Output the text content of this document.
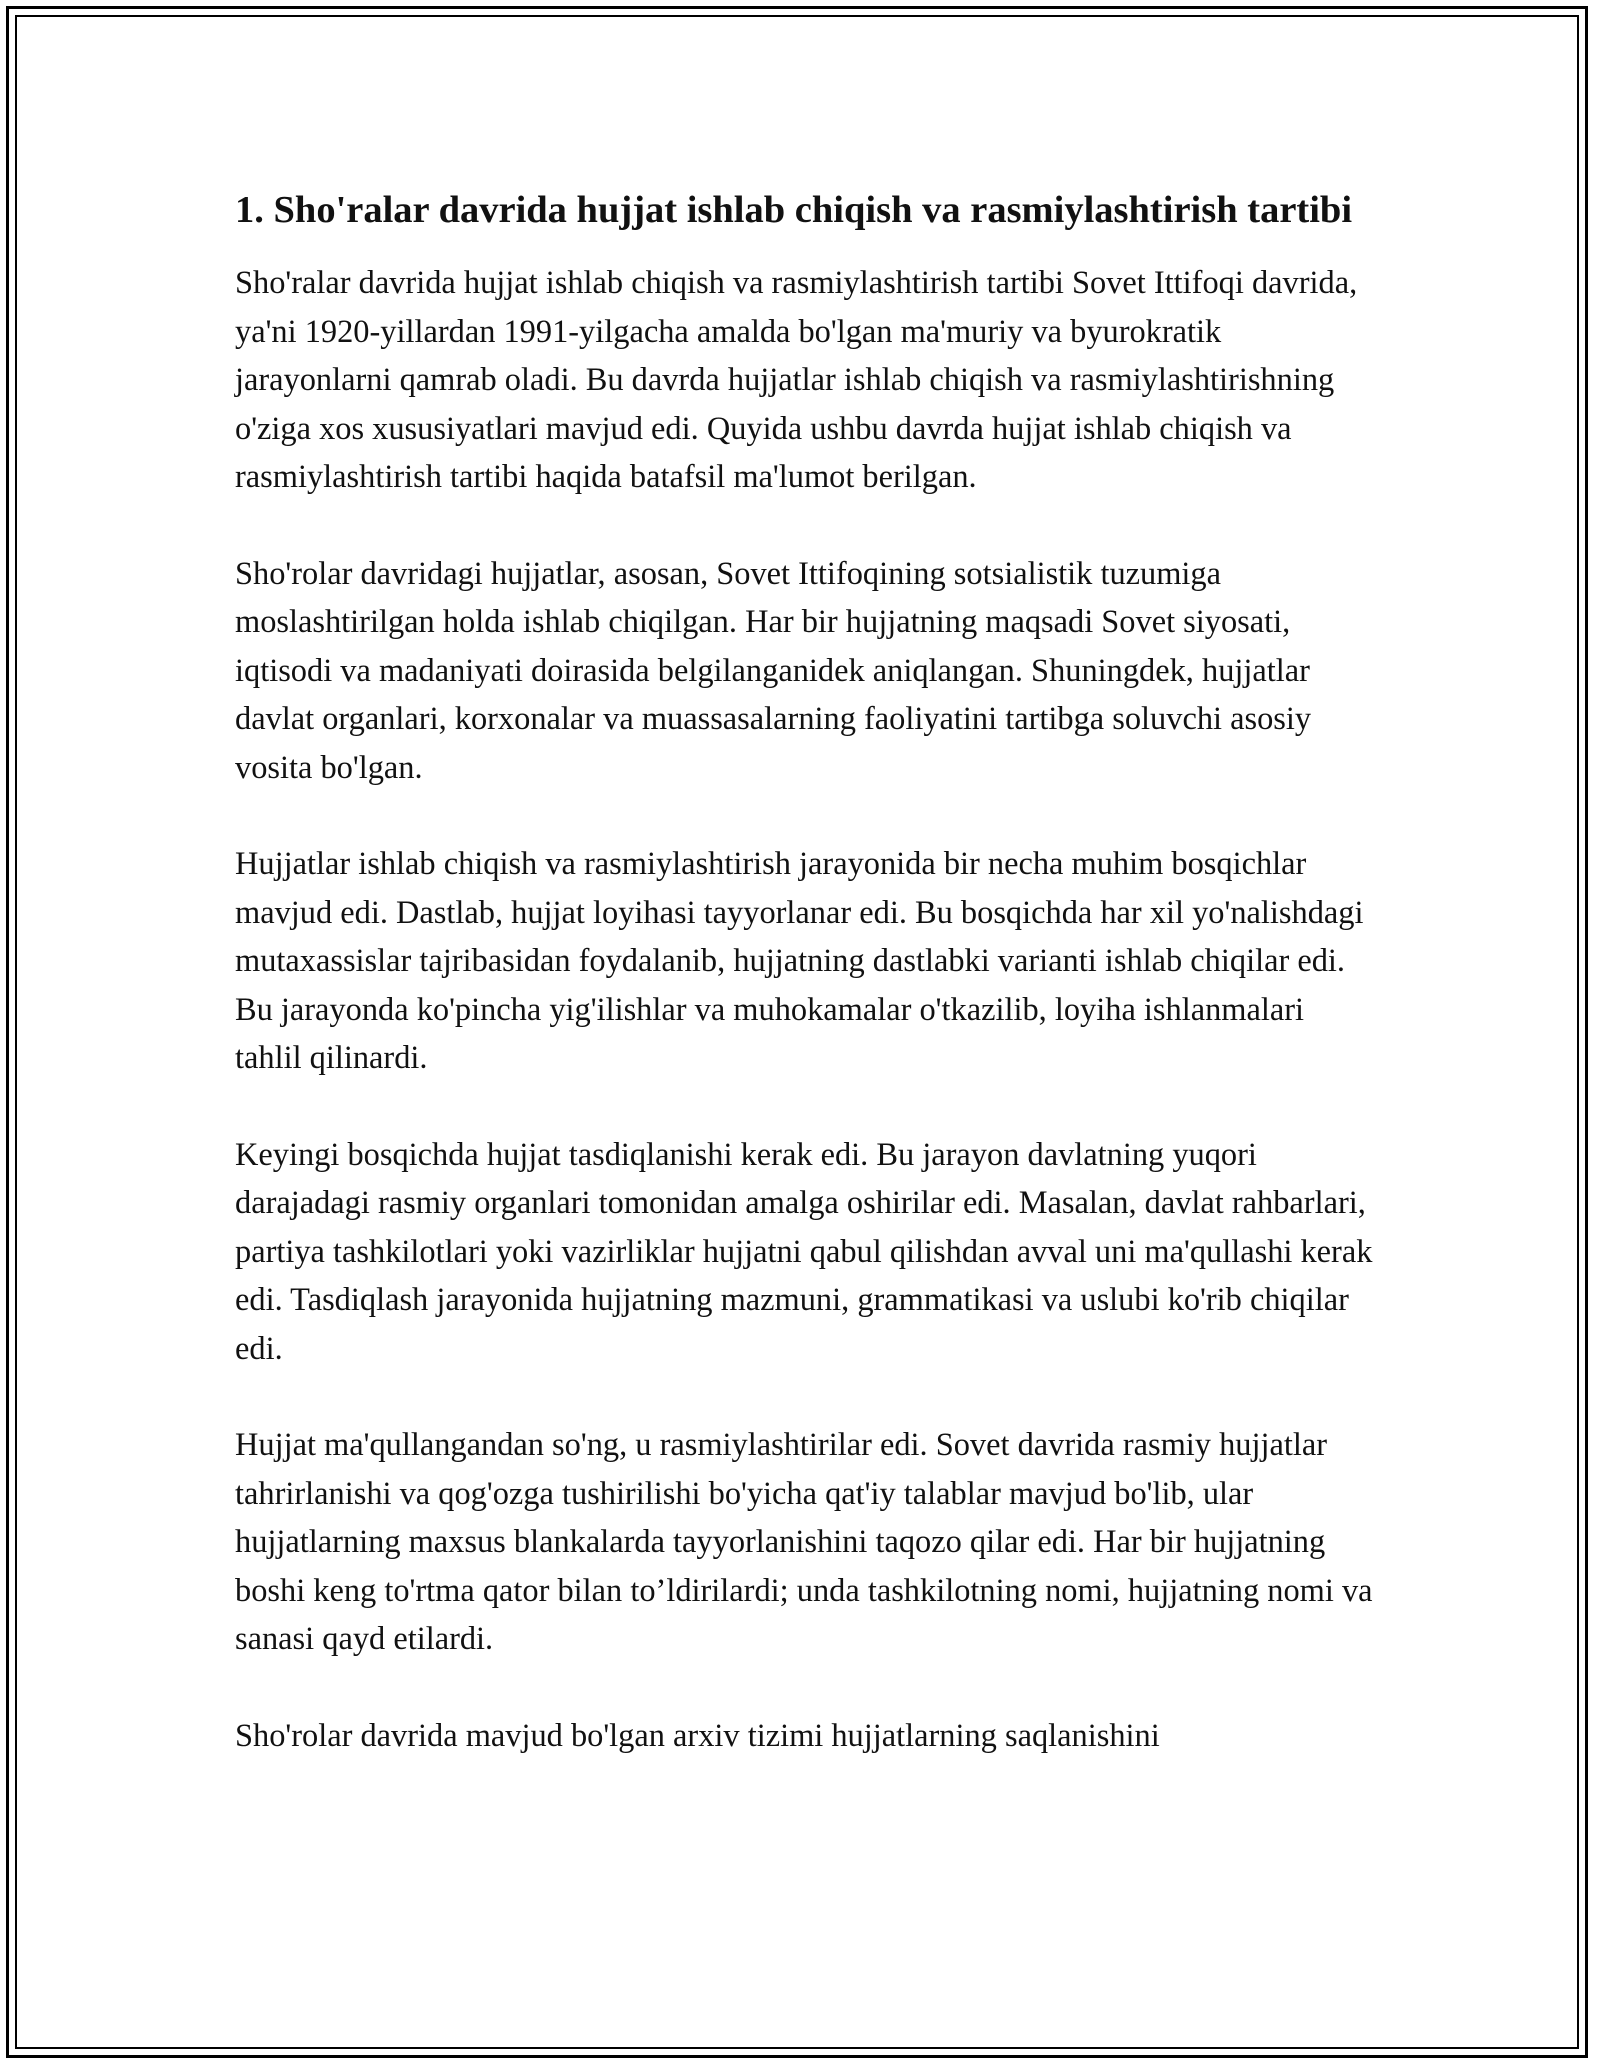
1. Sho'ralar davrida hujjat ishlab chiqish va rasmiylashtirish tartibi

Sho'ralar davrida hujjat ishlab chiqish va rasmiylashtirish tartibi Sovet Ittifoqi davrida, ya'ni 1920-yillardan 1991-yilgacha amalda bo'lgan ma'muriy va byurokratik jarayonlarni qamrab oladi. Bu davrda hujjatlar ishlab chiqish va rasmiylashtirishning o'ziga xos xususiyatlari mavjud edi. Quyida ushbu davrda hujjat ishlab chiqish va rasmiylashtirish tartibi haqida batafsil ma'lumot berilgan.

Sho'rolar davridagi hujjatlar, asosan, Sovet Ittifoqining sotsialistik tuzumiga moslashtirilgan holda ishlab chiqilgan. Har bir hujjatning maqsadi Sovet siyosati, iqtisodi va madaniyati doirasida belgilanganidek aniqlangan. Shuningdek, hujjatlar davlat organlari, korxonalar va muassasalarning faoliyatini tartibga soluvchi asosiy vosita bo'lgan.

Hujjatlar ishlab chiqish va rasmiylashtirish jarayonida bir necha muhim bosqichlar mavjud edi. Dastlab, hujjat loyihasi tayyorlanar edi. Bu bosqichda har xil yo'nalishdagi mutaxassislar tajribasidan foydalanib, hujjatning dastlabki varianti ishlab chiqilar edi. Bu jarayonda ko'pincha yig'ilishlar va muhokamalar o'tkazilib, loyiha ishlanmalari tahlil qilinardi.

Keyingi bosqichda hujjat tasdiqlanishi kerak edi. Bu jarayon davlatning yuqori darajadagi rasmiy organlari tomonidan amalga oshirilar edi. Masalan, davlat rahbarlari, partiya tashkilotlari yoki vazirliklar hujjatni qabul qilishdan avval uni ma'qullashi kerak edi. Tasdiqlash jarayonida hujjatning mazmuni, grammatikasi va uslubi ko'rib chiqilar edi.

Hujjat ma'qullangandan so'ng, u rasmiylashtirilar edi. Sovet davrida rasmiy hujjatlar tahrirlanishi va qog'ozga tushirilishi bo'yicha qat'iy talablar mavjud bo'lib, ular hujjatlarning maxsus blankalarda tayyorlanishini taqozo qilar edi. Har bir hujjatning boshi keng to'rtma qator bilan to’ldirilardi; unda tashkilotning nomi, hujjatning nomi va sanasi qayd etilardi.

Sho'rolar davrida mavjud bo'lgan arxiv tizimi hujjatlarning saqlanishini
